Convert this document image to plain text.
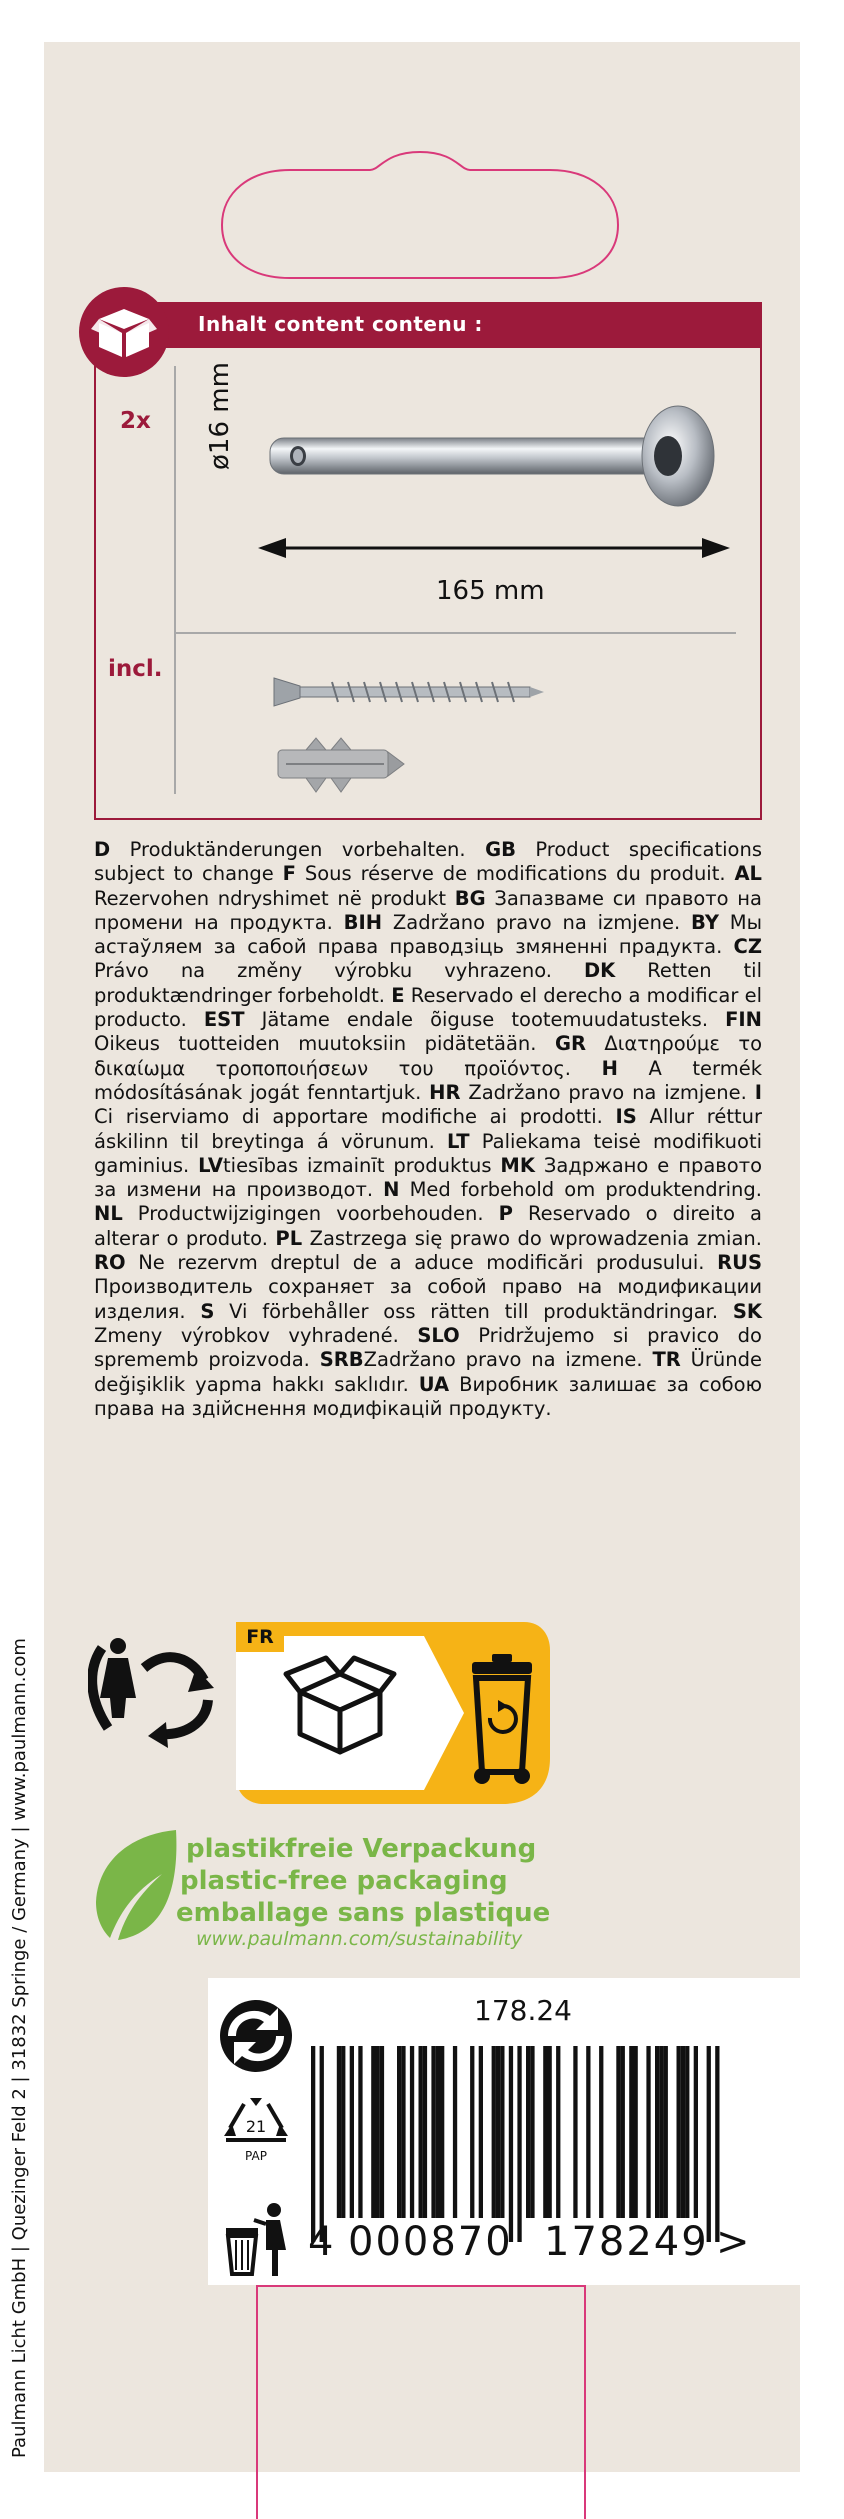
Inhalt content contenu :
2x
incl.
ø16 mm
165 mm
D Produktänderungen vorbehalten. GB Product specifications subject to change F Sous réserve de modifications du produit. AL Rezervohen ndryshimet në produkt BG Запазваме си правото на промени на продукта. BIH Zadržano pravo na izmjene. BY Мы астаўляем за сабой права праводзіць змяненні прадукта. CZ Právo na změny výrobku vyhrazeno. DK Retten til produktændringer forbeholdt. E Reservado el derecho a modificar el producto. EST Jätame endale õiguse tootemuudatusteks. FIN Oikeus tuotteiden muutoksiin pidätetään. GR Διατηρούμε το δικαίωμα τροποποιήσεων του προϊόντος. H A termék módosításának jogát fenntartjuk. HR Zadržano pravo na izmjene. I Ci riserviamo di apportare modifiche ai prodotti. IS Allur réttur áskilinn til breytinga á vörunum. LT Paliekama teisė modifikuoti gaminius. LVtiesības izmainīt produktus MK Задржано е правото за измени на производот. N Med forbehold om produktendring. NL Productwijzigingen voorbehouden. P Reservado o direito a alterar o produto. PL Zastrzega się prawo do wprowadzenia zmian. RO Ne rezervm dreptul de a aduce modificări produsului. RUS Производитель сохраняет за собой право на модификации изделия. S Vi förbehåller oss rätten till produktändringar. SK Zmeny výrobkov vyhradené. SLO Pridržujemo si pravico do sprememb proizvoda. SRBZadržano pravo na izmene. TR Üründe değişiklik yapma hakkı saklıdır. UA Виробник залишає за собою права на здійснення модифікацій продукту.
Paulmann Licht GmbH | Quezinger Feld 2 | 31832 Springe / Germany | www.paulmann.com
FR
plastikfreie Verpackung
plastic-free packaging
emballage sans plastique
www.paulmann.com/sustainability
178.24
21
PAP
4 000870 178249 >
